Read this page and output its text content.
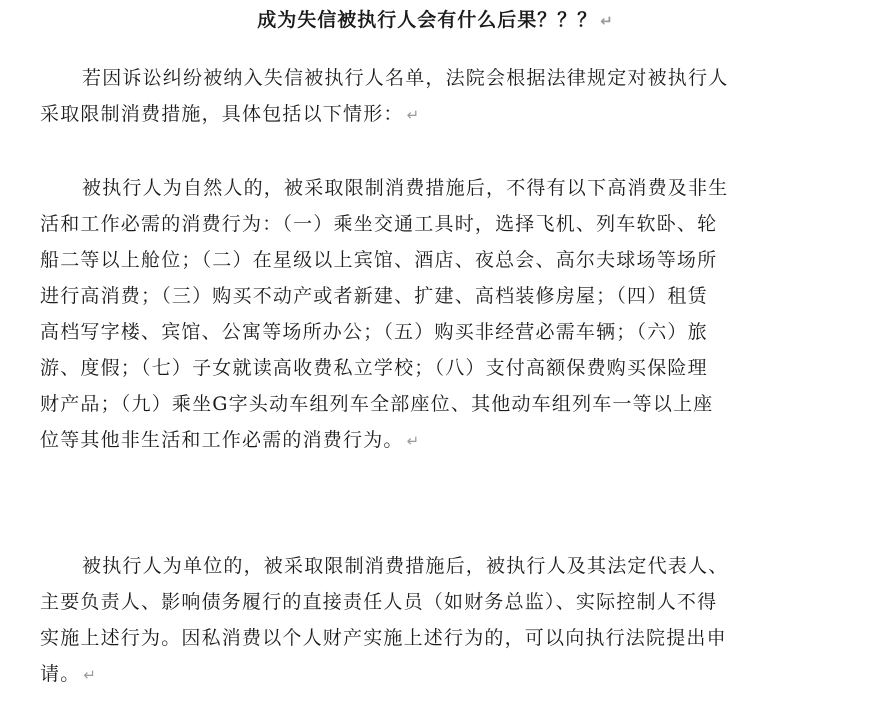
成为失信被执行人会有什么后果？？？ ↵
若因诉讼纠纷被纳入失信被执行人名单，法院会根据法律规定对被执行人
采取限制消费措施，具体包括以下情形： ↵
被执行人为自然人的，被采取限制消费措施后，不得有以下高消费及非生
活和工作必需的消费行为：（一）乘坐交通工具时，选择飞机、列车软卧、轮
船二等以上舱位；（二）在星级以上宾馆、酒店、夜总会、高尔夫球场等场所
进行高消费；（三）购买不动产或者新建、扩建、高档装修房屋；（四）租赁
高档写字楼、宾馆、公寓等场所办公；（五）购买非经营必需车辆；（六）旅
游、度假；（七）子女就读高收费私立学校；（八）支付高额保费购买保险理
财产品；（九）乘坐G字头动车组列车全部座位、其他动车组列车一等以上座
位等其他非生活和工作必需的消费行为。 ↵
被执行人为单位的，被采取限制消费措施后，被执行人及其法定代表人、
主要负责人、影响债务履行的直接责任人员（如财务总监）、实际控制人不得
实施上述行为。因私消费以个人财产实施上述行为的，可以向执行法院提出申
请。 ↵
